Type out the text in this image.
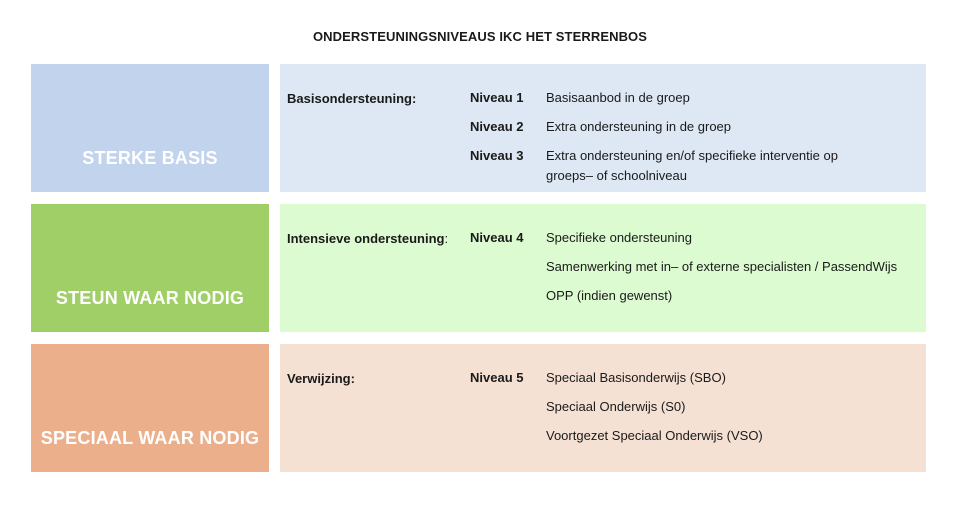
ONDERSTEUNINGSNIVEAUS IKC HET STERRENBOS
STERKE BASIS
Basisondersteuning:	Niveau 1
Niveau 2
Niveau 3
Basisaanbod in de groep
Extra ondersteuning in de groep
Extra ondersteuning en/of specifieke interventie op groeps– of schoolniveau
STEUN WAAR NODIG
Intensieve ondersteuning: Niveau 4 Specifieke ondersteuning
Samenwerking met in– of externe specialisten / PassendWijs
OPP (indien gewenst)
SPECIAAL WAAR NODIG
Verwijzing:	Niveau 5 Speciaal Basisonderwijs (SBO)
Speciaal Onderwijs (S0)
Voortgezet Speciaal Onderwijs (VSO)
